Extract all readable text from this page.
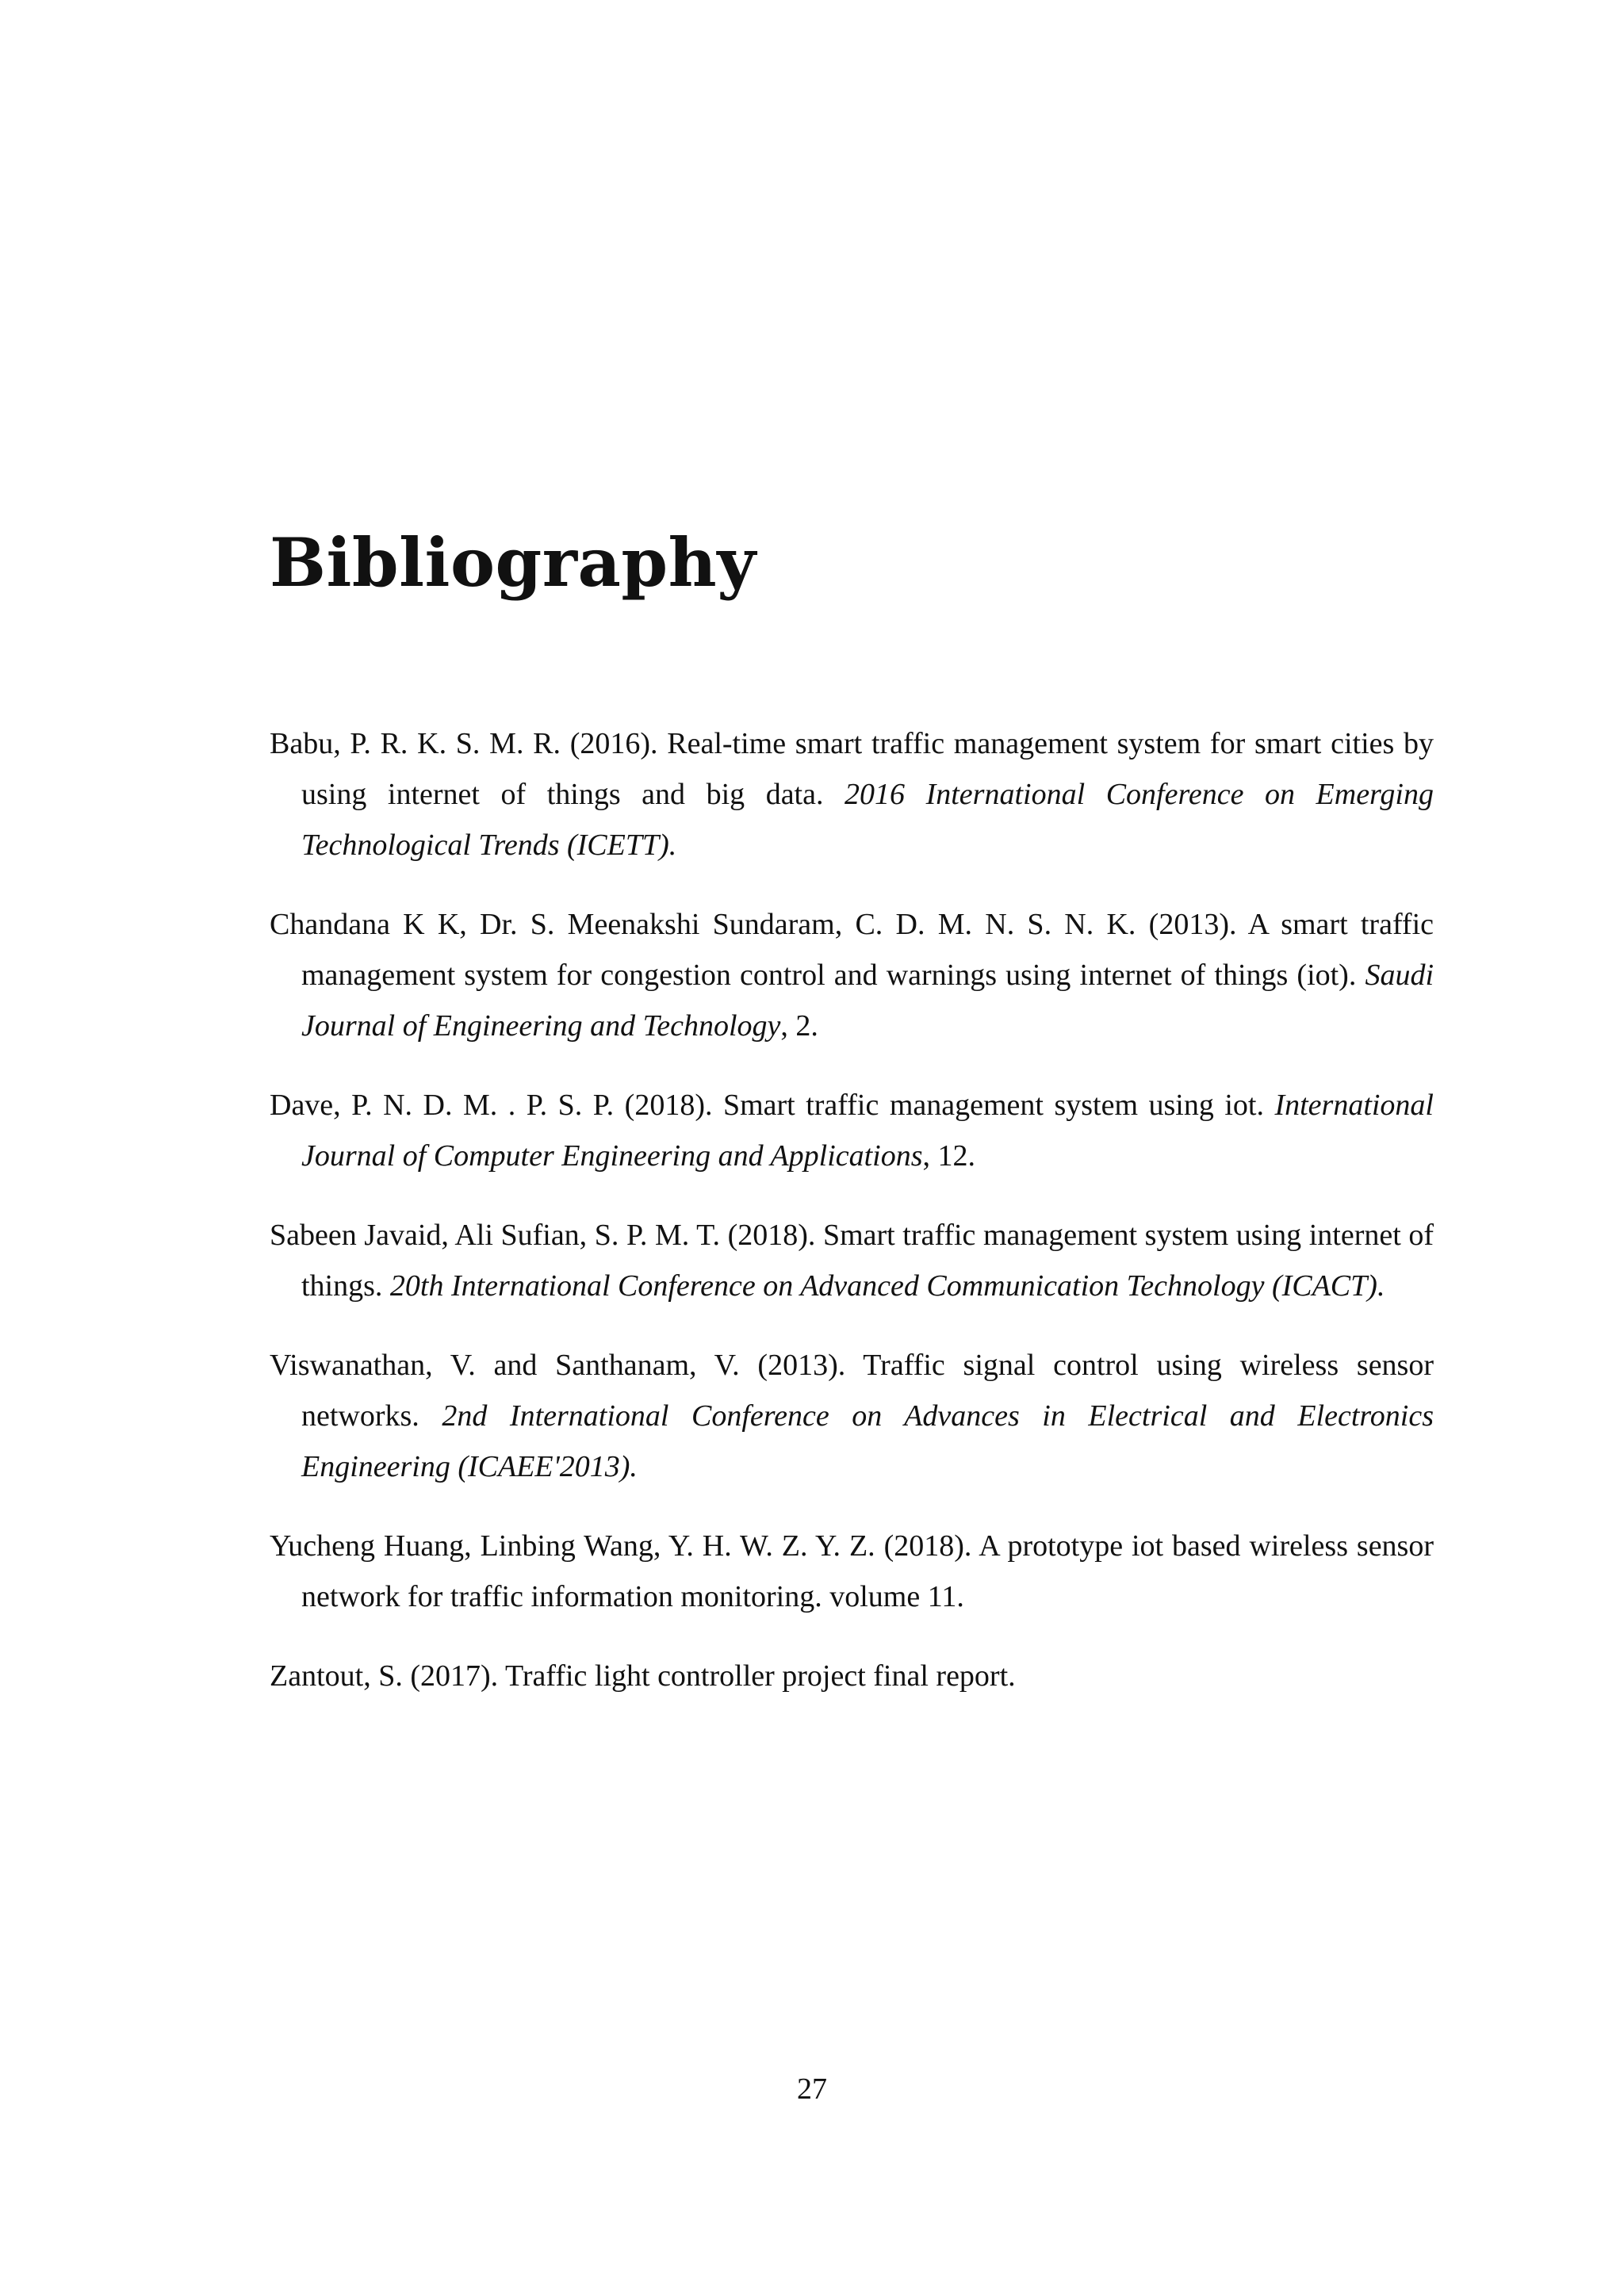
Bibliography
Babu, P. R. K. S. M. R. (2016). Real-time smart traffic management system for smart cities by using internet of things and big data. 2016 International Conference on Emerging Technological Trends (ICETT).
Chandana K K, Dr. S. Meenakshi Sundaram, C. D. M. N. S. N. K. (2013). A smart traffic management system for congestion control and warnings using internet of things (iot). Saudi Journal of Engineering and Technology, 2.
Dave, P. N. D. M. . P. S. P. (2018). Smart traffic management system using iot. International Journal of Computer Engineering and Applications, 12.
Sabeen Javaid, Ali Sufian, S. P. M. T. (2018). Smart traffic management system using internet of things. 20th International Conference on Advanced Communication Technology (ICACT).
Viswanathan, V. and Santhanam, V. (2013). Traffic signal control using wireless sensor networks. 2nd International Conference on Advances in Electrical and Electronics Engineering (ICAEE'2013).
Yucheng Huang, Linbing Wang, Y. H. W. Z. Y. Z. (2018). A prototype iot based wireless sensor network for traffic information monitoring. volume 11.
Zantout, S. (2017). Traffic light controller project final report.
27
